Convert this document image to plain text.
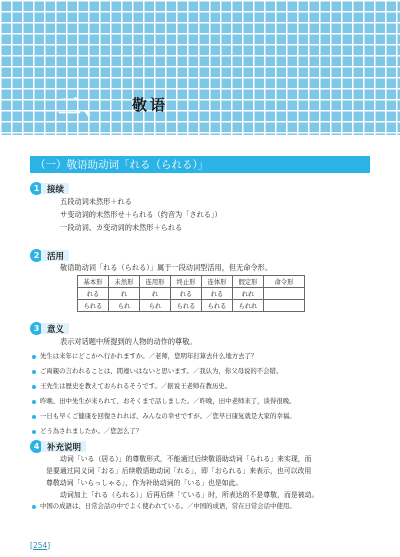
二、 敬语
（一）敬语助动词「れる（られる）」
1 接续
五段动词未然形＋れる
サ变动词的未然形せ＋られる（约音为「される」）
一段动词、カ变动词的未然形＋られる
2 活用
敬语助动词「れる（られる）」属于一段动词型活用，但无命令形。
基本形	未然形	连用形	终止形	连体形	假定形	命令形
れる	れ	れ	れる	れる	れれ	
られる	られ	られ	られる	られる	られれ	
3 意义
表示对话题中所提到的人物的动作的尊敬。
先生は来年にどこかへ行かれますか。／老师，您明年打算去什么地方去了？
ご両親の言われることは、間違いはないと思います。／我认为，你父母说的不会错。
王先生は歴史を教えておられるそうです。／据说王老师在教历史。
昨晩、田中先生が来られて、おそくまで話しました。／昨晚，田中老师来了，谈得很晚。
一日も早くご健康を回復されれば、みんなの幸せですが。／您早日康复就是大家的幸福。
どう為されましたか。／您怎么了？
4 补充说明
动词「いる（居る）」的尊敬形式，不能通过后续敬语助动词「られる」来实现，而
是要通过同义词「おる」后续敬语助动词「れる」，即「おられる」来表示，也可以改用
尊敬动词「いらっしゃる」，作为补助动词的「いる」也是如此。
动词加上「れる（られる）」后再后续「ている」时，所表达的不是尊敬，而是被动。
中国の成語は、日常会話の中でよく使われている。／中国的成语，常在日常会话中使用。
[254]
